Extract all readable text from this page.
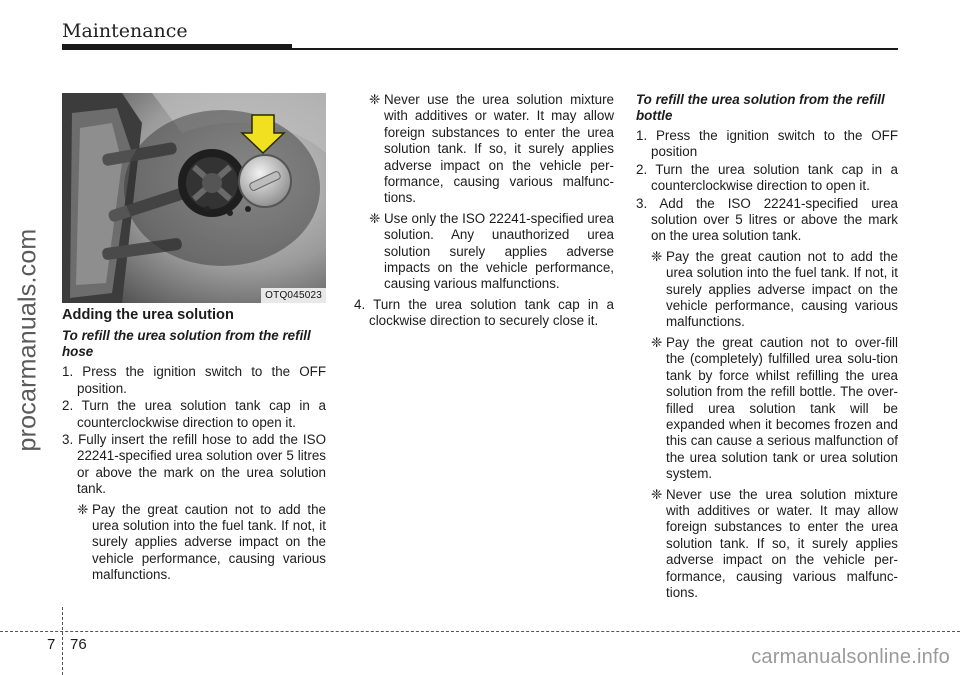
Maintenance
procarmanuals.com	OTQ045023
Adding the urea solution
To refill the urea solution from the refill hose
1. Press the ignition switch to the OFF position.
2. Turn the urea solution tank cap in a counterclockwise direction to open it.
3. Fully insert the refill hose to add the ISO 22241-specified urea solution over 5 litres or above the mark on the urea solution tank.
❈ Pay the great caution not to add the urea solution into the fuel tank. If not, it surely applies adverse impact on the vehicle performance, causing various malfunctions.
❈ Never use the urea solution mixture with additives or water. It may allow foreign substances to enter the urea solution tank. If so, it surely applies adverse impact on the vehicle per-formance, causing various malfunc-tions.
❈ Use only the ISO 22241-specified urea solution. Any unauthorized urea solution surely applies adverse impacts on the vehicle performance, causing various malfunctions.
4. Turn the urea solution tank cap in a clockwise direction to securely close it.
To refill the urea solution from the refill bottle
1. Press the ignition switch to the OFF position
2. Turn the urea solution tank cap in a counterclockwise direction to open it.
3. Add the ISO 22241-specified urea solution over 5 litres or above the mark on the urea solution tank.
❈ Pay the great caution not to add the urea solution into the fuel tank. If not, it surely applies adverse impact on the vehicle performance, causing various malfunctions.
❈ Pay the great caution not to over-fill the (completely) fulfilled urea solu-tion tank by force whilst refilling the urea solution from the refill bottle. The over-filled urea solution tank will be expanded when it becomes frozen and this can cause a serious malfunction of the urea solution tank or urea solution system.
❈ Never use the urea solution mixture with additives or water. It may allow foreign substances to enter the urea solution tank. If so, it surely applies adverse impact on the vehicle per-formance, causing various malfunc-tions.
7 76
carmanualsonline.info
